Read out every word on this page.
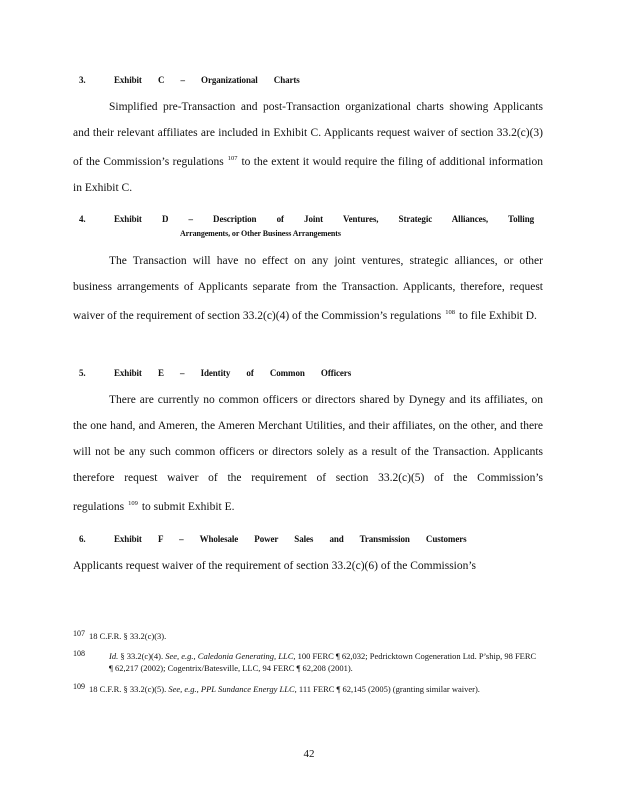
3.	Exhibit C – Organizational Charts
Simplified pre-Transaction and post-Transaction organizational charts showing Applicants and their relevant affiliates are included in Exhibit C. Applicants request waiver of section 33.2(c)(3) of the Commission’s regulations $^{107}$ to the extent it would require the filing of additional information in Exhibit C.
4.	Exhibit D – Description of Joint Ventures, Strategic Alliances, Tolling
Arrangements, or Other Business Arrangements
The Transaction will have no effect on any joint ventures, strategic alliances, or other business arrangements of Applicants separate from the Transaction. Applicants, therefore, request waiver of the requirement of section 33.2(c)(4) of the Commission’s regulations $^{108}$ to file Exhibit D.
5.	Exhibit E – Identity of Common Officers
There are currently no common officers or directors shared by Dynegy and its affiliates, on the one hand, and Ameren, the Ameren Merchant Utilities, and their affiliates, on the other, and there will not be any such common officers or directors solely as a result of the Transaction. Applicants therefore request waiver of the requirement of section 33.2(c)(5) of the Commission’s regulations $^{109}$ to submit Exhibit E.
6.	Exhibit F – Wholesale Power Sales and Transmission Customers
Applicants request waiver of the requirement of section 33.2(c)(6) of the Commission’s
107 18 C.F.R. § 33.2(c)(3).
108	Id. § 33.2(c)(4). See, e.g., Caledonia Generating, LLC, 100 FERC ¶ 62,032; Pedricktown Cogeneration Ltd. P’ship, 98 FERC ¶ 62,217 (2002); Cogentrix/Batesville, LLC, 94 FERC ¶ 62,208 (2001).
109 18 C.F.R. § 33.2(c)(5). See, e.g., PPL Sundance Energy LLC, 111 FERC ¶ 62,145 (2005) (granting similar waiver).
42
